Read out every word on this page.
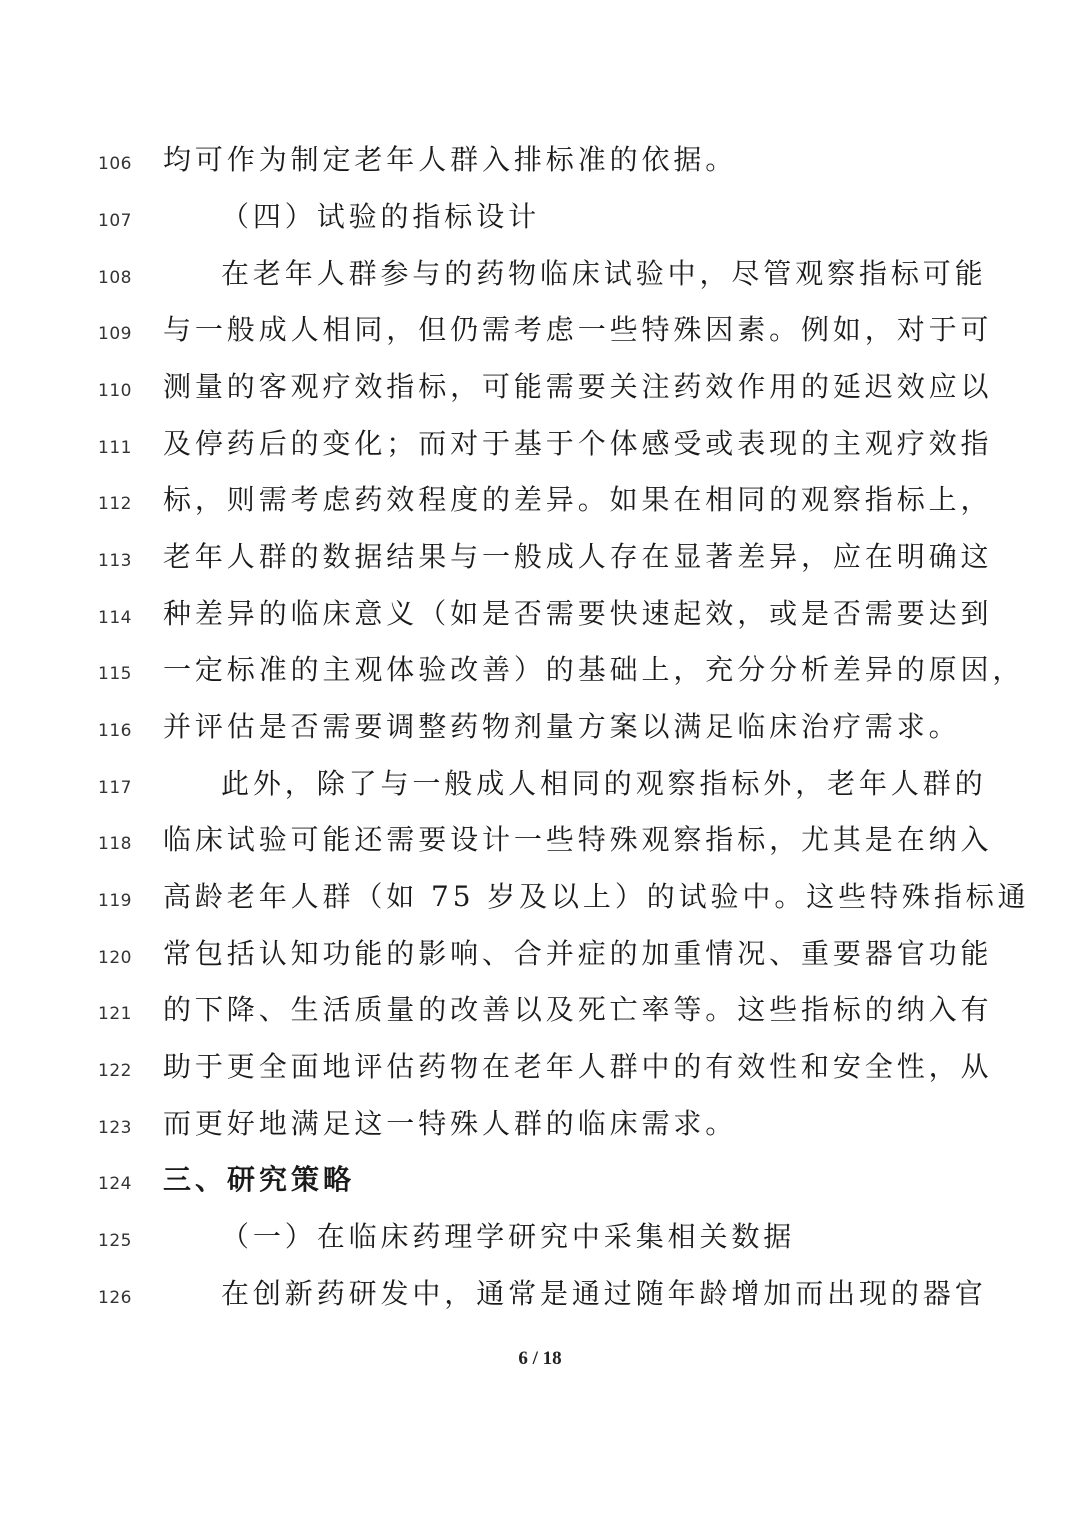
106 均可作为制定老年人群入排标准的依据。
107	（四）试验的指标设计
108	在老年人群参与的药物临床试验中，尽管观察指标可能
109 与一般成人相同，但仍需考虑一些特殊因素。例如，对于可
110 测量的客观疗效指标，可能需要关注药效作用的延迟效应以
111 及停药后的变化；而对于基于个体感受或表现的主观疗效指
112 标，则需考虑药效程度的差异。如果在相同的观察指标上，
113 老年人群的数据结果与一般成人存在显著差异，应在明确这
114 种差异的临床意义（如是否需要快速起效，或是否需要达到
115 一定标准的主观体验改善）的基础上，充分分析差异的原因，
116 并评估是否需要调整药物剂量方案以满足临床治疗需求。
117	此外，除了与一般成人相同的观察指标外，老年人群的
118 临床试验可能还需要设计一些特殊观察指标，尤其是在纳入
119 高龄老年人群（如 75 岁及以上）的试验中。这些特殊指标通
120 常包括认知功能的影响、合并症的加重情况、重要器官功能
121 的下降、生活质量的改善以及死亡率等。这些指标的纳入有
122 助于更全面地评估药物在老年人群中的有效性和安全性，从
123 而更好地满足这一特殊人群的临床需求。
124 三、研究策略
125	（一）在临床药理学研究中采集相关数据
126	在创新药研发中，通常是通过随年龄增加而出现的器官
6 / 18
